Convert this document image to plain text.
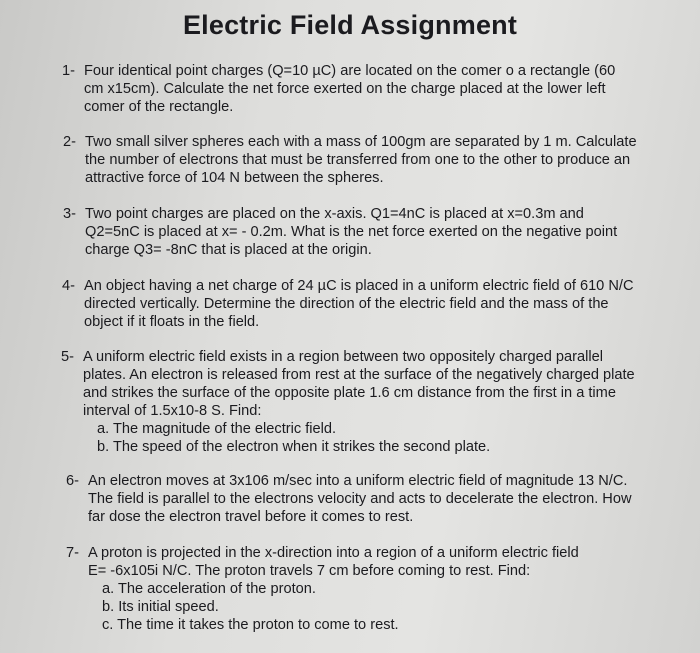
Electric Field Assignment
1- Four identical point charges (Q=10 µC) are located on the comer o a rectangle (60
cm x15cm). Calculate the net force exerted on the charge placed at the lower left
comer of the rectangle.
2- Two small silver spheres each with a mass of 100gm are separated by 1 m. Calculate
the number of electrons that must be transferred from one to the other to produce an
attractive force of 104 N between the spheres.
3- Two point charges are placed on the x-axis. Q1=4nC is placed at x=0.3m and
Q2=5nC is placed at x= - 0.2m. What is the net force exerted on the negative point
charge Q3= -8nC that is placed at the origin.
4- An object having a net charge of 24 µC is placed in a uniform electric field of 610 N/C
directed vertically. Determine the direction of the electric field and the mass of the
object if it floats in the field.
5- A uniform electric field exists in a region between two oppositely charged parallel
plates. An electron is released from rest at the surface of the negatively charged plate
and strikes the surface of the opposite plate 1.6 cm distance from the first in a time
interval of 1.5x10-8 S. Find:
a. The magnitude of the electric field.
b. The speed of the electron when it strikes the second plate.
6- An electron moves at 3x106 m/sec into a uniform electric field of magnitude 13 N/C.
The field is parallel to the electrons velocity and acts to decelerate the electron. How
far dose the electron travel before it comes to rest.
7- A proton is projected in the x-direction into a region of a uniform electric field
E= -6x105i N/C. The proton travels 7 cm before coming to rest. Find:
a. The acceleration of the proton.
b. Its initial speed.
c. The time it takes the proton to come to rest.
